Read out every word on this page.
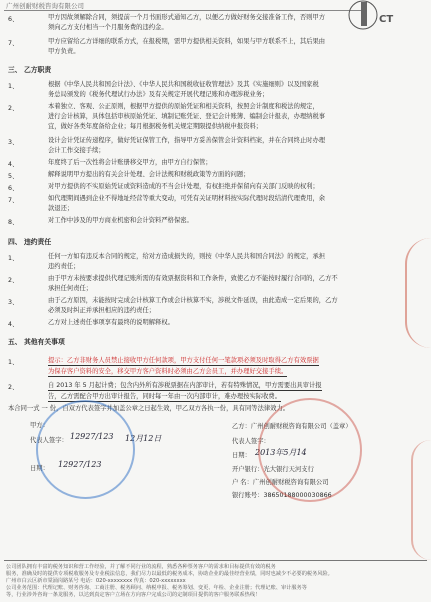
广州创耐财税咨询有限公司
CT
6、	甲方因故须解除合同，须提前一个月书面形式通知乙方，以便乙方做好财务交接准备工作，否则甲方
须向乙方支付相当一个月服务费的违约金。
7、	甲方应留给乙方详细的联系方式，在报税期，需甲方提供相关资料，如果与甲方联系不上，其后果由
甲方负责。
三、 乙方职责
1、	根据《中华人民共和国会计法》、《中华人民共和国税收征收管理法》及其《实施细则》以及国家税
务总局颁发的《税务代理试行办法》及有关规定开展代理记账和办理涉税业务；
2、	本着独立、客观、公正原则，根据甲方提供的原始凭证和相关资料，按照会计制度和税法的规定，
进行会计核算，具体包括审核原始凭证、填制记账凭证、登记会计账簿、编制会计报表，办理纳税事
宜，做好各类年度备给企业；每月根据税务机关规定期限提供纳税申报资料；
3、	设计会计凭证传递程序，做好凭证保管工作，指导甲方妥善保管会计资料档案，并在合同终止时办理
会计工作交接手续；
4、	年度终了后一次性将会计账册移交甲方，由甲方自行保管；
5、	解释说明甲方提出的有关会计处理、会计法规和财税政策等方面的问题；
6、	对甲方提供的不实原始凭证或资料造成的不当会计处理，有权拒绝并保留向有关部门反映的权利；
7、	如代理期间遇到企业不得地址经营等重大变动，可凭有关证明材料按实际代理时段结清代理费用，余
款退还；
8、	对工作中涉及的甲方商业机密和会计资料严格保密。
四、 违约责任
1、	任何一方如有违反本合同的规定，给对方造成损失的，则按《中华人民共和国合同法》的规定，承担
违约责任；
2、	由于甲方未按要求提供代理记账所需的有效票据资料和工作条件，致使乙方不能按时履行合同的，乙方不
承担任何责任；
3、	由于乙方原因，未能按时完成会计核算工作或会计核算不实，涉税文件延误，由此造成一定后果的，乙方
必须及时纠正并承担相应的违约责任；
4、	乙方对上述责任事项享有最终的说明解释权。
五、 其他有关事项
1、	提示：乙方非财务人员禁止接收甲方任何款项，甲方支付任何一笔款项必须及时取得乙方有效票据
为保存客户资料的安全，移交甲方客户资料时必须由乙方会员工，并办理好交接手续。
2、	自 2013 年 5 月起计费；包含内外所有涉税票据在内部审计，若有特殊情况，甲方需要出具审计报
告，乙方需配合甲方出审计报告，同时每一年由一次内部审计，难办理按实际收费。
本合同一式 一 份，自双方代表签字并加盖公章之日起生效，甲乙双方各执一份，具有同等法律效力。
甲方：
代表人签字：
日期：
12927/123 12月12日
12927/123
乙方：广州创耐财税咨询有限公司（盖章）
代表人签字：
日期： 2013年5月14
开户银行：光大银行天河支行
户 名：广州创耐财税咨询有限公司
银行账号：38650188000030866
公司团队拥有丰富的税务知识和营工作经验，并了解不同行业的流程，熟悉各种票务客户的需求和目标提供有效的税务
服务，准确及时的提供专项税收服务及专业税法信息，我们尽力以最低的税务成本，协助企业的最佳经营业绩，同时也减少不必要的税务风险。
广州市白云区新市棠涌岗路某号 电话：020-xxxxxxxx 传真：020-xxxxxxxx
公司业务范围：代理记账、财务咨询、工商注册、税务顾问、纳税申报、税务筹划、变更、年检、企业注册；代理记账、审计服务等
等，行业涉外咨询一条龙服务，以达到真定客户立场在方向客户完成公司的定制项目提供的客户服务联系热线！
